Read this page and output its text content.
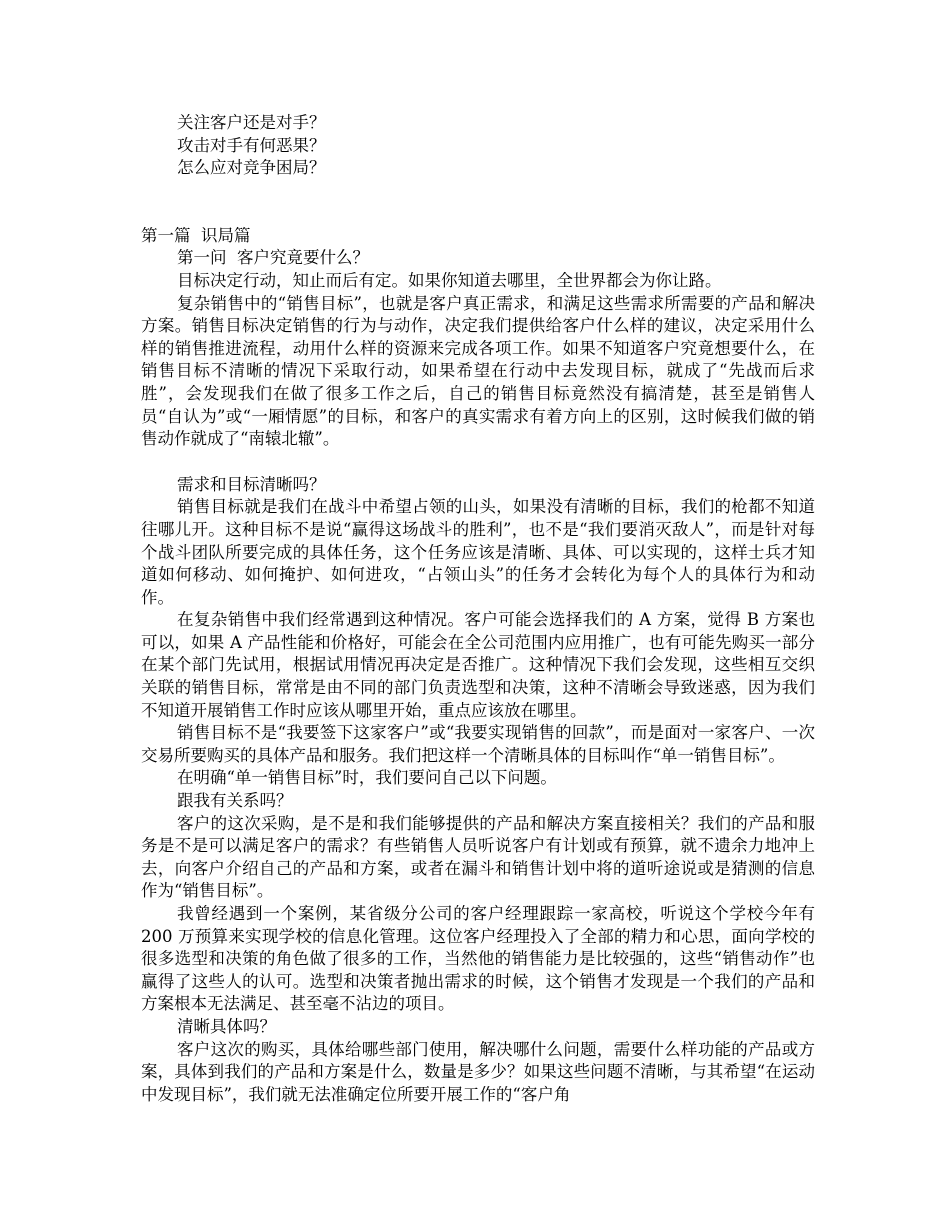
关注客户还是对手？

攻击对手有何恶果？

怎么应对竞争困局？

第一篇  识局篇

第一问  客户究竟要什么？

目标决定行动，知止而后有定。如果你知道去哪里，全世界都会为你让路。

复杂销售中的“销售目标”，也就是客户真正需求，和满足这些需求所需要的产品和解决方案。销售目标决定销售的行为与动作，决定我们提供给客户什么样的建议，决定采用什么样的销售推进流程，动用什么样的资源来完成各项工作。如果不知道客户究竟想要什么，在销售目标不清晰的情况下采取行动，如果希望在行动中去发现目标，就成了“先战而后求胜”，会发现我们在做了很多工作之后，自己的销售目标竟然没有搞清楚，甚至是销售人员“自认为”或“一厢情愿”的目标，和客户的真实需求有着方向上的区别，这时候我们做的销售动作就成了“南辕北辙”。

需求和目标清晰吗？

销售目标就是我们在战斗中希望占领的山头，如果没有清晰的目标，我们的枪都不知道往哪儿开。这种目标不是说“赢得这场战斗的胜利”，也不是“我们要消灭敌人”，而是针对每个战斗团队所要完成的具体任务，这个任务应该是清晰、具体、可以实现的，这样士兵才知道如何移动、如何掩护、如何进攻，“占领山头”的任务才会转化为每个人的具体行为和动作。

在复杂销售中我们经常遇到这种情况。客户可能会选择我们的 A 方案，觉得 B 方案也可以，如果 A 产品性能和价格好，可能会在全公司范围内应用推广，也有可能先购买一部分在某个部门先试用，根据试用情况再决定是否推广。这种情况下我们会发现，这些相互交织关联的销售目标，常常是由不同的部门负责选型和决策，这种不清晰会导致迷惑，因为我们不知道开展销售工作时应该从哪里开始，重点应该放在哪里。

销售目标不是“我要签下这家客户”或“我要实现销售的回款”，而是面对一家客户、一次交易所要购买的具体产品和服务。我们把这样一个清晰具体的目标叫作“单一销售目标”。

在明确“单一销售目标”时，我们要问自己以下问题。

跟我有关系吗？

客户的这次采购，是不是和我们能够提供的产品和解决方案直接相关？我们的产品和服务是不是可以满足客户的需求？有些销售人员听说客户有计划或有预算，就不遗余力地冲上去，向客户介绍自己的产品和方案，或者在漏斗和销售计划中将的道听途说或是猜测的信息作为“销售目标”。

我曾经遇到一个案例，某省级分公司的客户经理跟踪一家高校，听说这个学校今年有 200 万预算来实现学校的信息化管理。这位客户经理投入了全部的精力和心思，面向学校的很多选型和决策的角色做了很多的工作，当然他的销售能力是比较强的，这些“销售动作”也赢得了这些人的认可。选型和决策者抛出需求的时候，这个销售才发现是一个我们的产品和方案根本无法满足、甚至毫不沾边的项目。

清晰具体吗？

客户这次的购买，具体给哪些部门使用，解决哪什么问题，需要什么样功能的产品或方案，具体到我们的产品和方案是什么，数量是多少？如果这些问题不清晰，与其希望“在运动中发现目标”，我们就无法准确定位所要开展工作的“客户角
